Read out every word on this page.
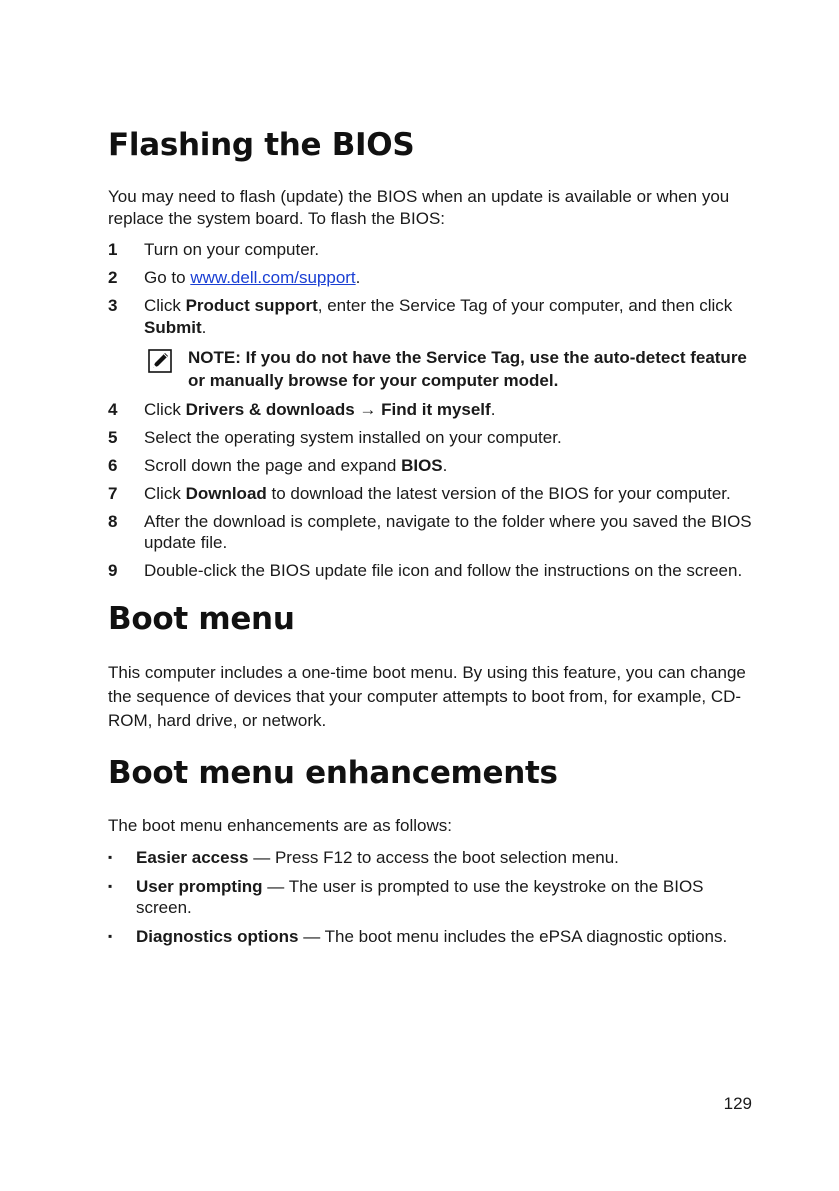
Flashing the BIOS

You may need to flash (update) the BIOS when an update is available or when you replace the system board. To flash the BIOS:

1	Turn on your computer.
2	Go to www.dell.com/support.
3	Click Product support, enter the Service Tag of your computer, and then click Submit.
NOTE: If you do not have the Service Tag, use the auto-detect feature or manually browse for your computer model.
4	Click Drivers & downloads → Find it myself.
5	Select the operating system installed on your computer.
6	Scroll down the page and expand BIOS.
7	Click Download to download the latest version of the BIOS for your computer.
8	After the download is complete, navigate to the folder where you saved the BIOS update file.
9	Double-click the BIOS update file icon and follow the instructions on the screen.
Boot menu

This computer includes a one-time boot menu. By using this feature, you can change the sequence of devices that your computer attempts to boot from, for example, CD-ROM, hard drive, or network.

Boot menu enhancements

The boot menu enhancements are as follows:

▪	Easier access — Press F12 to access the boot selection menu.
▪	User prompting — The user is prompted to use the keystroke on the BIOS screen.
▪	Diagnostics options — The boot menu includes the ePSA diagnostic options.
129
